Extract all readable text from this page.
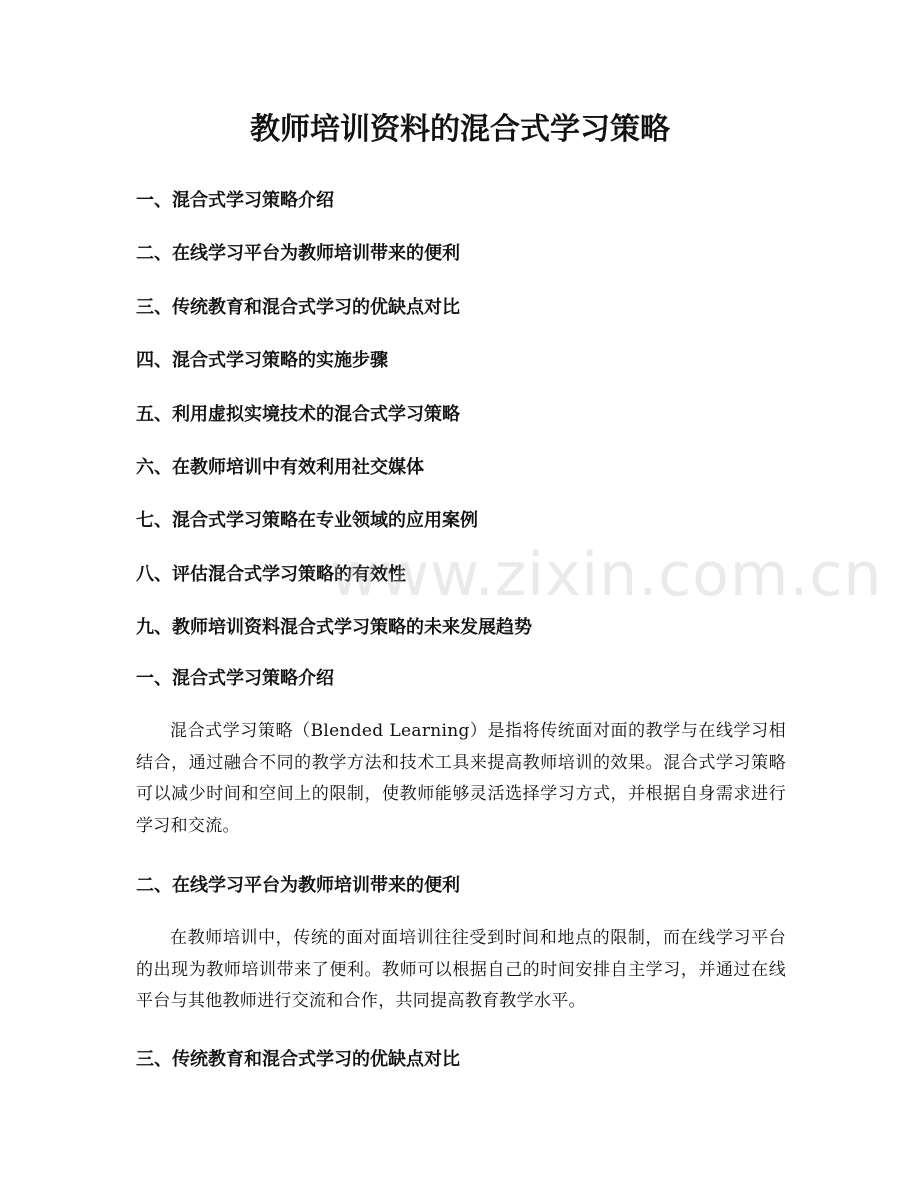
教师培训资料的混合式学习策略
一、混合式学习策略介绍
二、在线学习平台为教师培训带来的便利
三、传统教育和混合式学习的优缺点对比
四、混合式学习策略的实施步骤
五、利用虚拟实境技术的混合式学习策略
六、在教师培训中有效利用社交媒体
七、混合式学习策略在专业领域的应用案例
八、评估混合式学习策略的有效性
九、教师培训资料混合式学习策略的未来发展趋势
一、混合式学习策略介绍

混合式学习策略（Blended Learning）是指将传统面对面的教学与在线学习相结合，通过融合不同的教学方法和技术工具来提高教师培训的效果。混合式学习策略可以减少时间和空间上的限制，使教师能够灵活选择学习方式，并根据自身需求进行学习和交流。

二、在线学习平台为教师培训带来的便利

在教师培训中，传统的面对面培训往往受到时间和地点的限制，而在线学习平台的出现为教师培训带来了便利。教师可以根据自己的时间安排自主学习，并通过在线平台与其他教师进行交流和合作，共同提高教育教学水平。

三、传统教育和混合式学习的优缺点对比
www.zixin.com.cn
